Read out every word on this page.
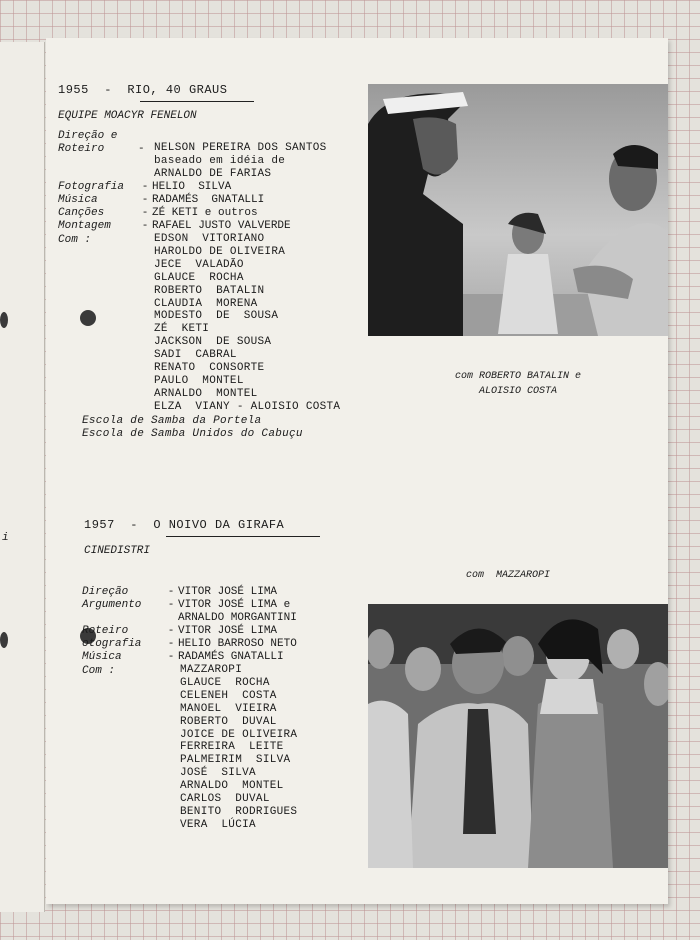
i
1955 - RIO, 40 GRAUS
EQUIPE MOACYR FENELON
Direção e
Roteiro	- NELSON PEREIRA DOS SANTOS
baseado em idéia de
ARNALDO DE FARIAS
Fotografia	- HELIO  SILVA
Música	- RADAMÉS  GNATALLI
Canções	- ZÉ KETI e outros
Montagem	- RAFAEL JUSTO VALVERDE
Com :	EDSON  VITORIANO
HAROLDO DE OLIVEIRA
JECE  VALADÃO
GLAUCE  ROCHA
ROBERTO  BATALIN
CLAUDIA  MORENA
MODESTO  DE  SOUSA
ZÉ  KETI
JACKSON  DE SOUSA
SADI  CABRAL
RENATO  CONSORTE
PAULO  MONTEL
ARNALDO  MONTEL
ELZA  VIANY - ALOISIO COSTA
Escola de Samba da Portela
Escola de Samba Unidos do Cabuçu
com ROBERTO BATALIN e
ALOISIO COSTA
1957 - O NOIVO DA GIRAFA
CINEDISTRI
Direção	- VITOR JOSÉ LIMA
Argumento	- VITOR JOSÉ LIMA e

ARNALDO MORGANTINI
Roteiro	- VITOR JOSÉ LIMA
otografia	- HELIO BARROSO NETO
Música	- RADAMÉS GNATALLI
Com :	MAZZAROPI
GLAUCE  ROCHA
CELENEH  COSTA
MANOEL  VIEIRA
ROBERTO  DUVAL
JOICE DE OLIVEIRA
FERREIRA  LEITE
PALMEIRIM  SILVA
JOSÉ  SILVA
ARNALDO  MONTEL
CARLOS  DUVAL
BENITO  RODRIGUES
VERA  LÚCIA
com  MAZZAROPI
